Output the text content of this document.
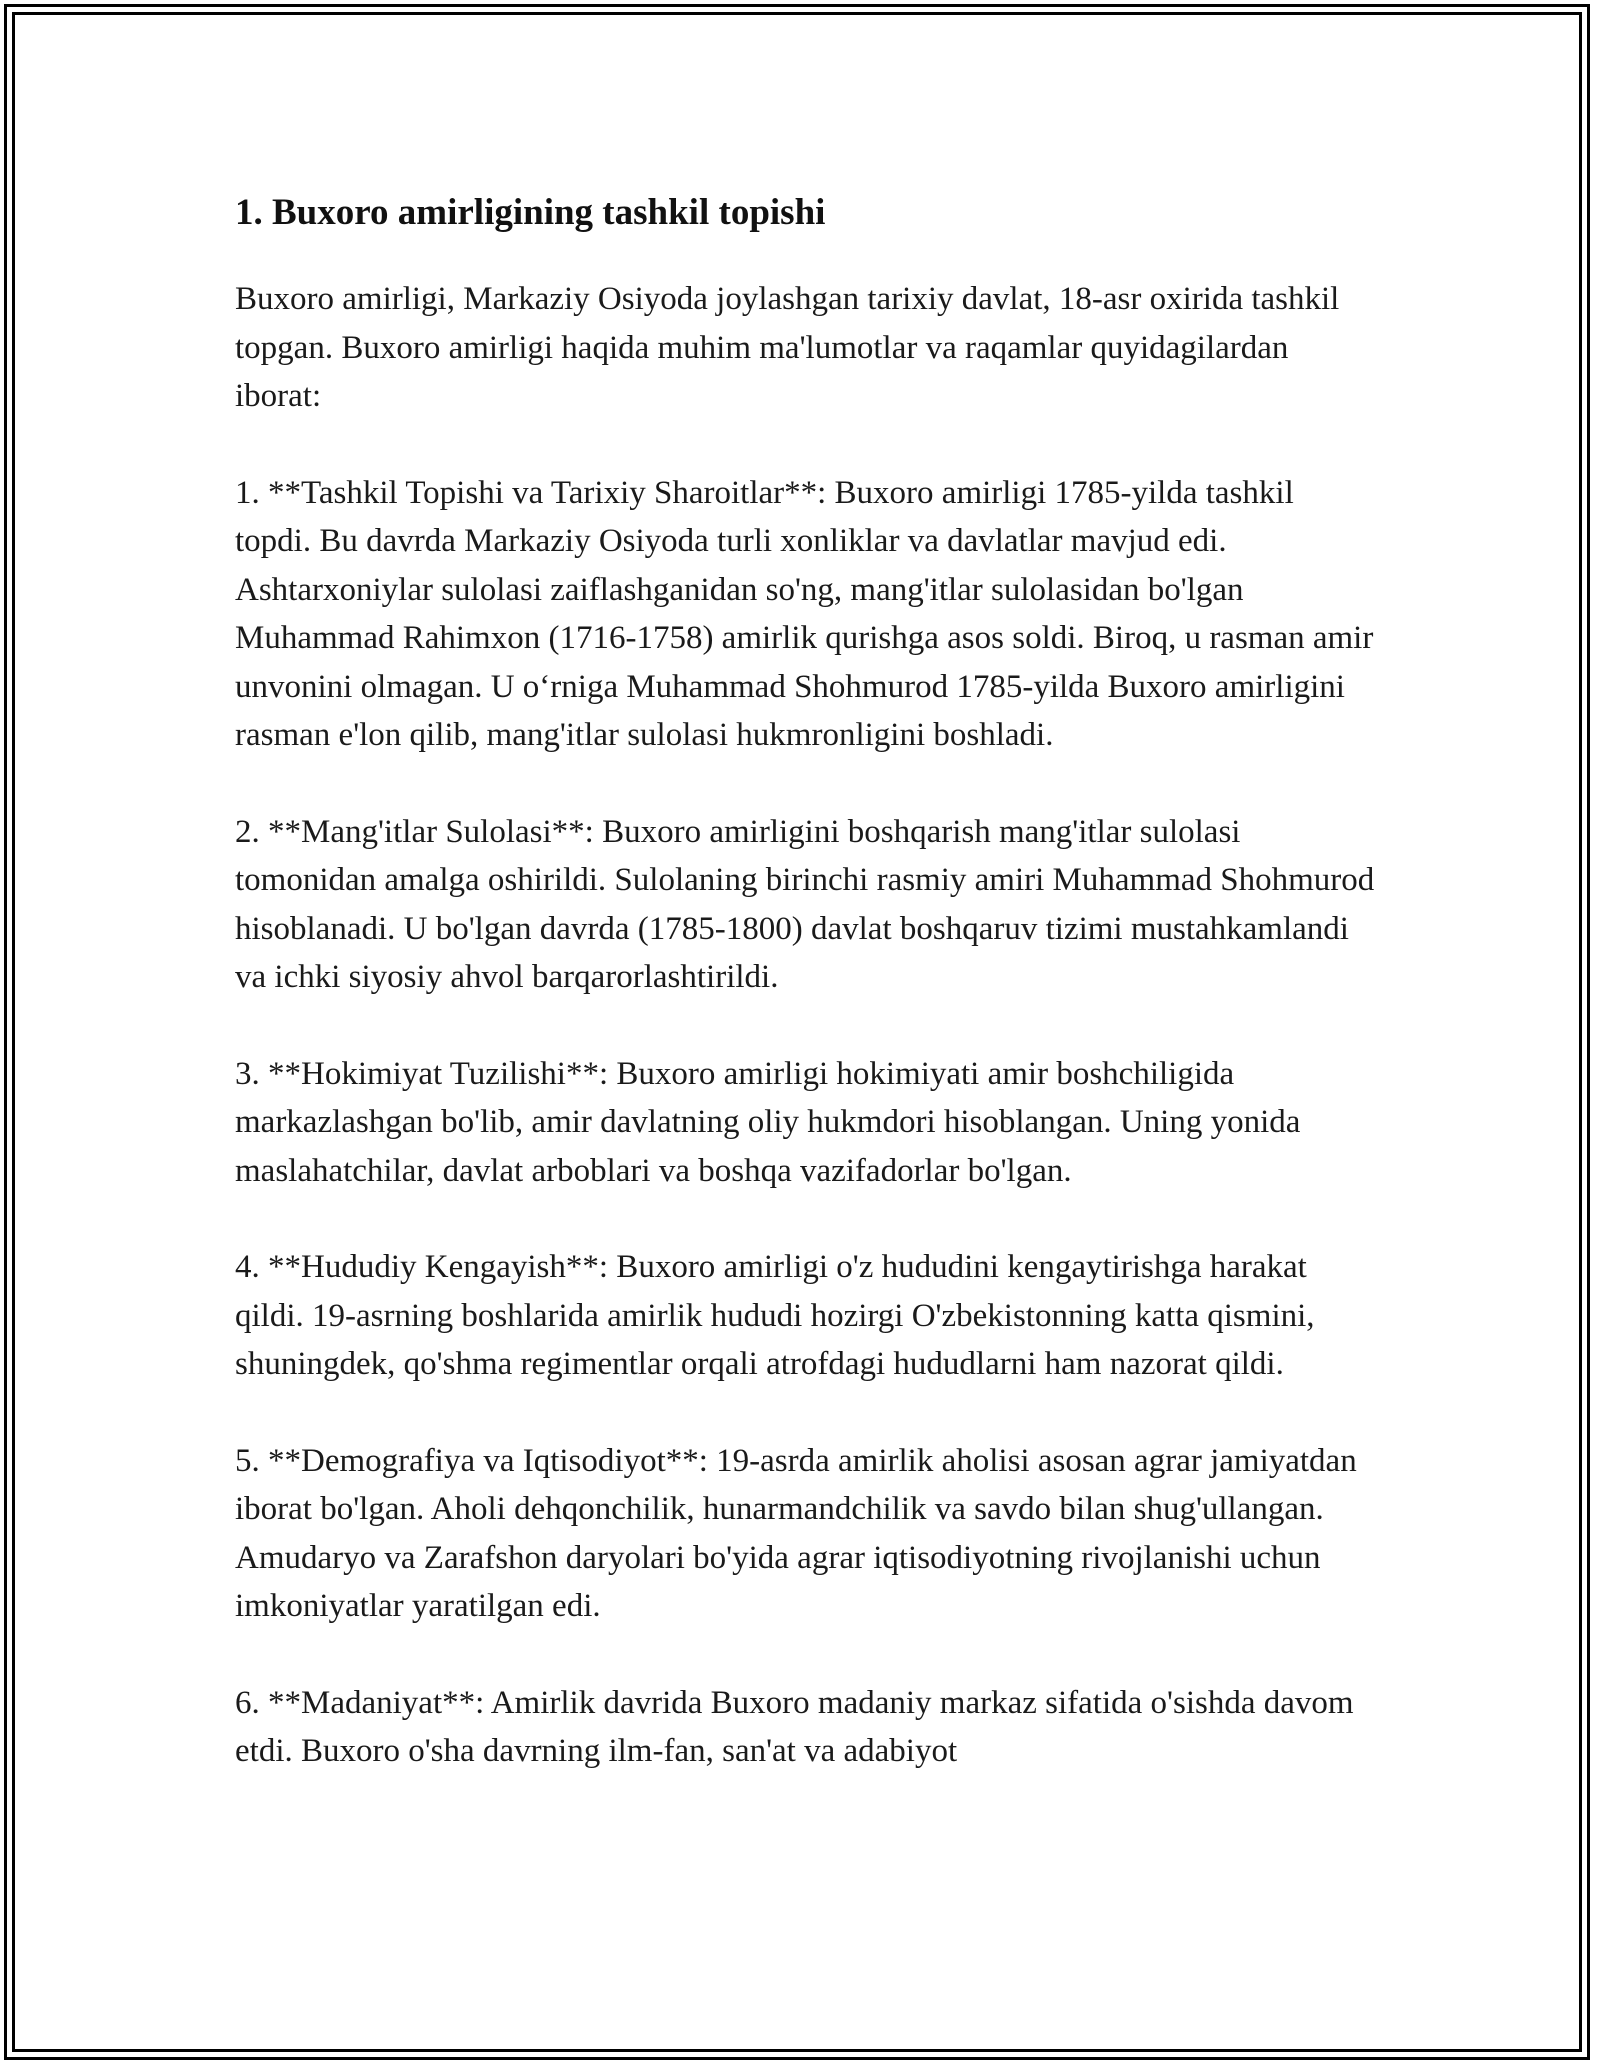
1. Buxoro amirligining tashkil topishi

Buxoro amirligi, Markaziy Osiyoda joylashgan tarixiy davlat, 18-asr oxirida tashkil topgan. Buxoro amirligi haqida muhim ma'lumotlar va raqamlar quyidagilardan iborat:

1. **Tashkil Topishi va Tarixiy Sharoitlar**: Buxoro amirligi 1785-yilda tashkil topdi. Bu davrda Markaziy Osiyoda turli xonliklar va davlatlar mavjud edi. Ashtarxoniylar sulolasi zaiflashganidan so'ng, mang'itlar sulolasidan bo'lgan Muhammad Rahimxon (1716-1758) amirlik qurishga asos soldi. Biroq, u rasman amir unvonini olmagan. U o‘rniga Muhammad Shohmurod 1785-yilda Buxoro amirligini rasman e'lon qilib, mang'itlar sulolasi hukmronligini boshladi.

2. **Mang'itlar Sulolasi**: Buxoro amirligini boshqarish mang'itlar sulolasi tomonidan amalga oshirildi. Sulolaning birinchi rasmiy amiri Muhammad Shohmurod hisoblanadi. U bo'lgan davrda (1785-1800) davlat boshqaruv tizimi mustahkamlandi va ichki siyosiy ahvol barqarorlashtirildi.

3. **Hokimiyat Tuzilishi**: Buxoro amirligi hokimiyati amir boshchiligida markazlashgan bo'lib, amir davlatning oliy hukmdori hisoblangan. Uning yonida maslahatchilar, davlat arboblari va boshqa vazifadorlar bo'lgan.

4. **Hududiy Kengayish**: Buxoro amirligi o'z hududini kengaytirishga harakat qildi. 19-asrning boshlarida amirlik hududi hozirgi O'zbekistonning katta qismini, shuningdek, qo'shma regimentlar orqali atrofdagi hududlarni ham nazorat qildi.

5. **Demografiya va Iqtisodiyot**: 19-asrda amirlik aholisi asosan agrar jamiyatdan iborat bo'lgan. Aholi dehqonchilik, hunarmandchilik va savdo bilan shug'ullangan. Amudaryo va Zarafshon daryolari bo'yida agrar iqtisodiyotning rivojlanishi uchun imkoniyatlar yaratilgan edi.

6. **Madaniyat**: Amirlik davrida Buxoro madaniy markaz sifatida o'sishda davom etdi. Buxoro o'sha davrning ilm-fan, san'at va adabiyot
